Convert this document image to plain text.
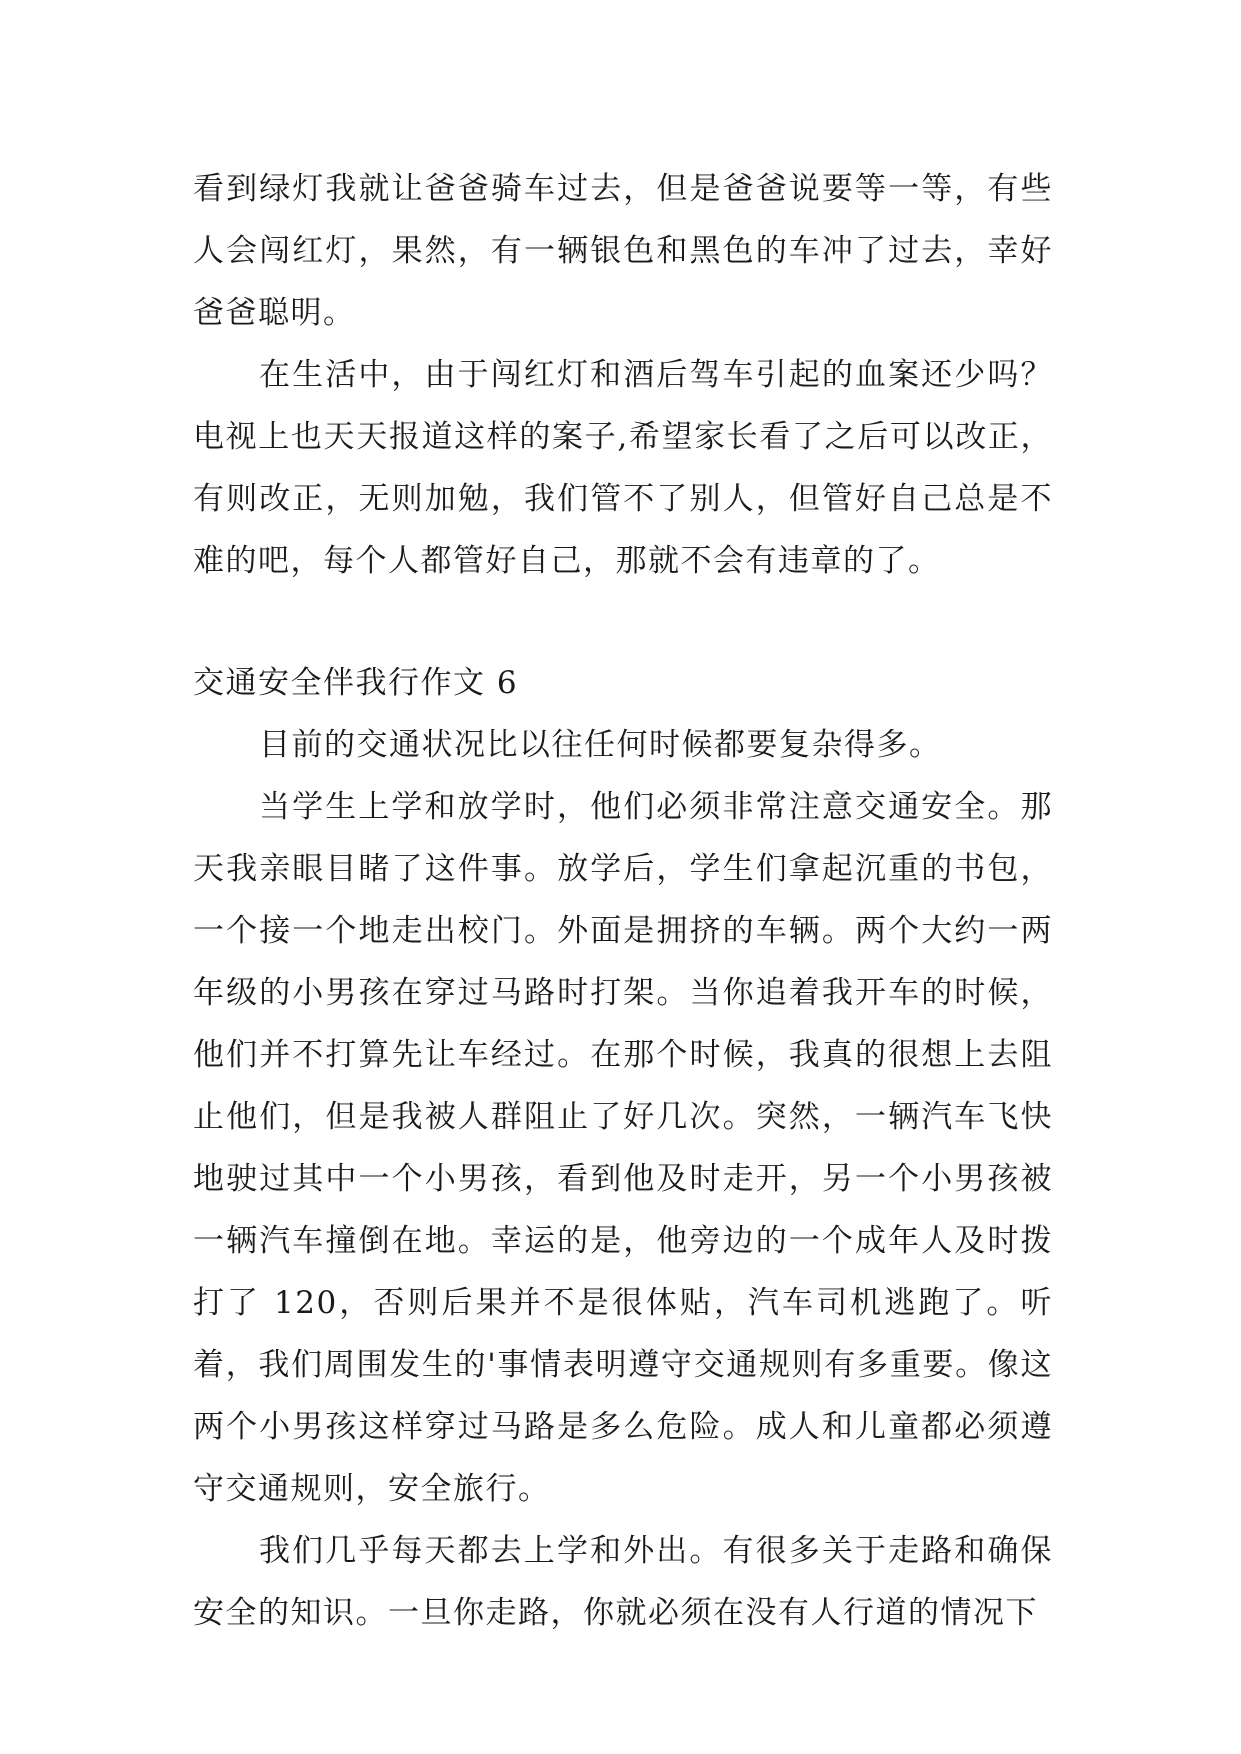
看到绿灯我就让爸爸骑车过去，但是爸爸说要等一等，有些人会闯红灯，果然，有一辆银色和黑色的车冲了过去，幸好爸爸聪明。

在生活中，由于闯红灯和酒后驾车引起的血案还少吗？电视上也天天报道这样的案子,希望家长看了之后可以改正，有则改正，无则加勉，我们管不了别人，但管好自己总是不难的吧，每个人都管好自己，那就不会有违章的了。

交通安全伴我行作文 6

目前的交通状况比以往任何时候都要复杂得多。

当学生上学和放学时，他们必须非常注意交通安全。那天我亲眼目睹了这件事。放学后，学生们拿起沉重的书包，一个接一个地走出校门。外面是拥挤的车辆。两个大约一两年级的小男孩在穿过马路时打架。当你追着我开车的时候，他们并不打算先让车经过。在那个时候，我真的很想上去阻止他们，但是我被人群阻止了好几次。突然，一辆汽车飞快地驶过其中一个小男孩，看到他及时走开，另一个小男孩被一辆汽车撞倒在地。幸运的是，他旁边的一个成年人及时拨打了 120，否则后果并不是很体贴，汽车司机逃跑了。听着，我们周围发生的'事情表明遵守交通规则有多重要。像这两个小男孩这样穿过马路是多么危险。成人和儿童都必须遵守交通规则，安全旅行。

我们几乎每天都去上学和外出。有很多关于走路和确保安全的知识。一旦你走路，你就必须在没有人行道的情况下
